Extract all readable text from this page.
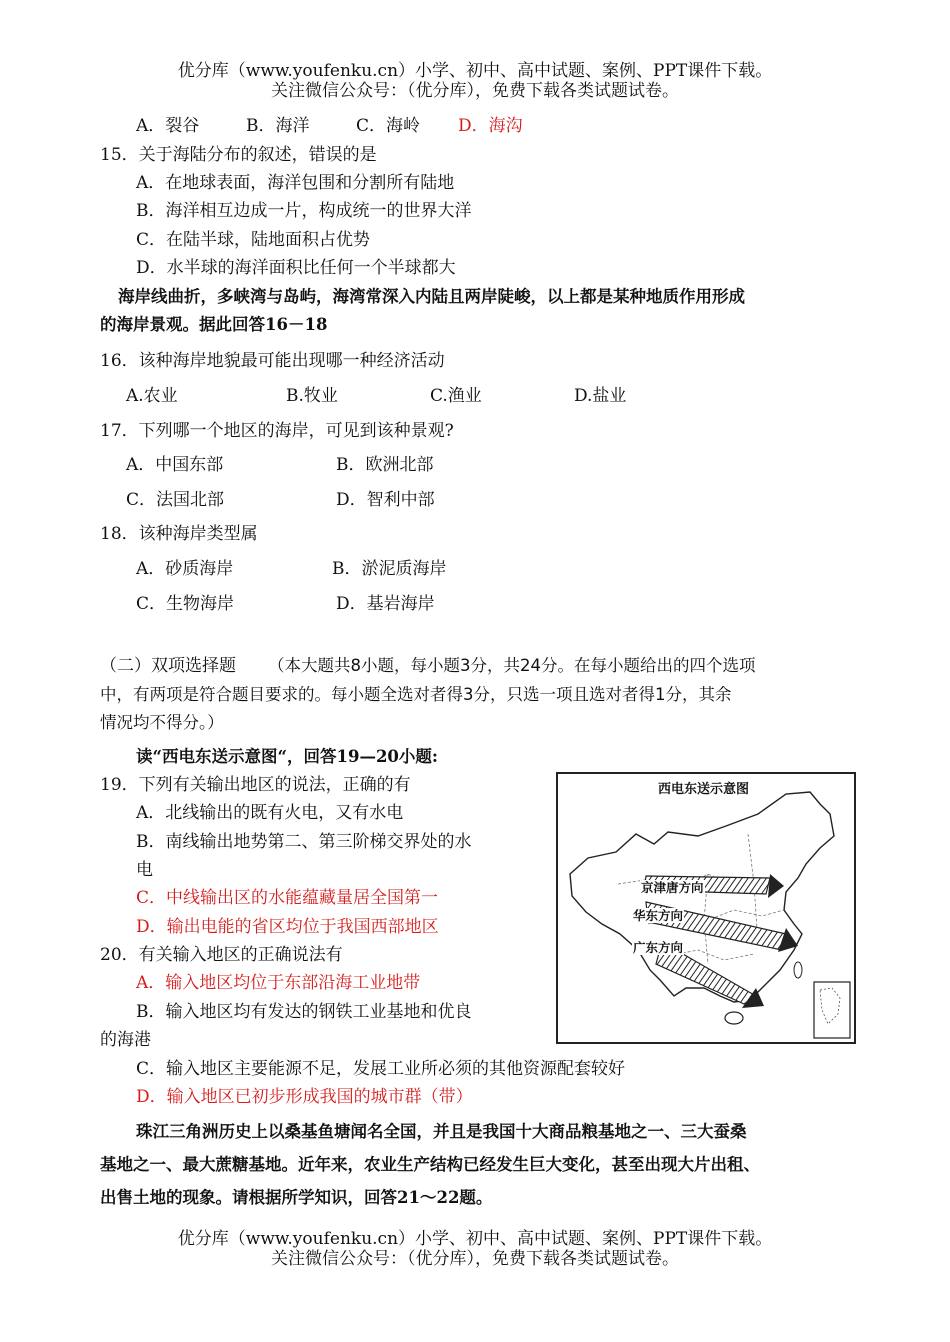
优分库（www.youfenku.cn）小学、初中、高中试题、案例、PPT课件下载。
关注微信公众号：（优分库），免费下载各类试题试卷。
A．裂谷	B．海洋	C．海岭 D．海沟
15．关于海陆分布的叙述，错误的是
A．在地球表面，海洋包围和分割所有陆地
B．海洋相互边成一片，构成统一的世界大洋
C．在陆半球，陆地面积占优势
D．水半球的海洋面积比任何一个半球都大
海岸线曲折，多峡湾与岛屿，海湾常深入内陆且两岸陡峻，以上都是某种地质作用形成
的海岸景观。据此回答16－18
16．该种海岸地貌最可能出现哪一种经济活动
A.农业	B.牧业	C.渔业	D.盐业
17．下列哪一个地区的海岸，可见到该种景观?
A．中国东部	B．欧洲北部
C．法国北部	D．智利中部
18．该种海岸类型属
A．砂质海岸	B．淤泥质海岸
C．生物海岸	D．基岩海岸
（二）双项选择题 （本大题共8小题，每小题3分，共24分。在每小题给出的四个选项
中，有两项是符合题目要求的。每小题全选对者得3分，只选一项且选对者得1分，其余
情况均不得分。）
读“西电东送示意图“，回答19—20小题:
19．下列有关输出地区的说法，正确的有
A．北线输出的既有火电，又有水电
B．南线输出地势第二、第三阶梯交界处的水
电
C．中线输出区的水能蕴藏量居全国第一
D．输出电能的省区均位于我国西部地区
20．有关输入地区的正确说法有
A．输入地区均位于东部沿海工业地带
B．输入地区均有发达的钢铁工业基地和优良
的海港
C．输入地区主要能源不足，发展工业所必须的其他资源配套较好
D．输入地区已初步形成我国的城市群（带）
西电东送示意图
京津唐方向
华东方向
广东方向
珠江三角洲历史上以桑基鱼塘闻名全国，并且是我国十大商品粮基地之一、三大蚕桑
基地之一、最大蔗糖基地。近年来，农业生产结构已经发生巨大变化，甚至出现大片出租、
出售土地的现象。请根据所学知识，回答21～22题。
优分库（www.youfenku.cn）小学、初中、高中试题、案例、PPT课件下载。
关注微信公众号：（优分库），免费下载各类试题试卷。
